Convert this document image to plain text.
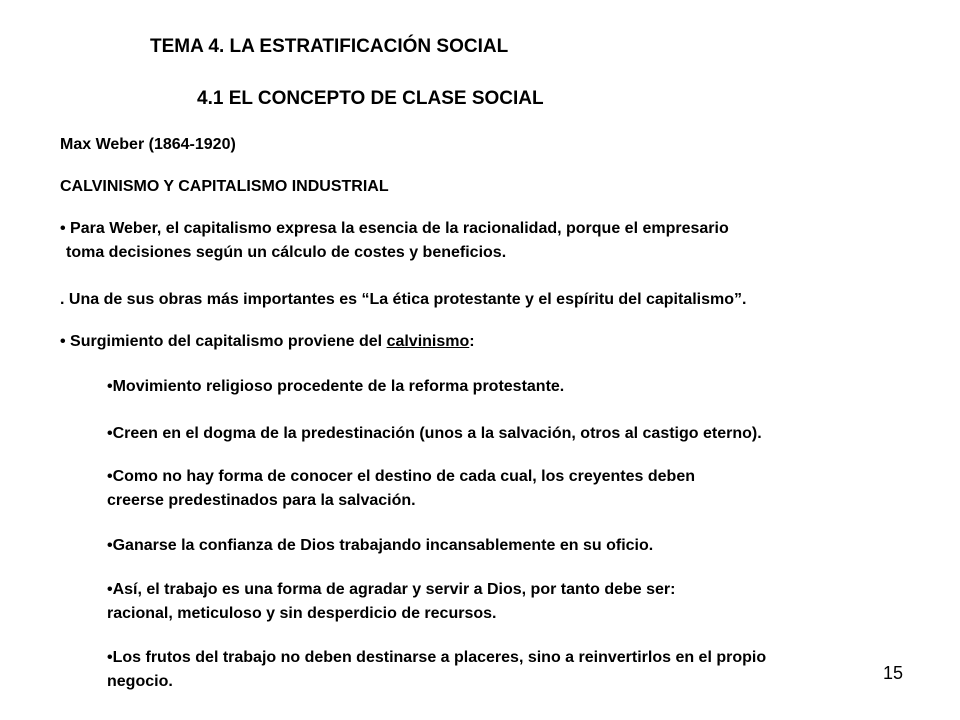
TEMA 4. LA ESTRATIFICACIÓN SOCIAL
4.1 EL CONCEPTO DE CLASE SOCIAL
Max Weber (1864-1920)
CALVINISMO Y CAPITALISMO INDUSTRIAL
• Para Weber, el capitalismo expresa la esencia de la racionalidad, porque el empresario
toma decisiones según un cálculo de costes y beneficios.
. Una de sus obras más importantes es “La ética protestante y el espíritu del capitalismo”.
• Surgimiento del capitalismo proviene del calvinismo:
•Movimiento religioso procedente de la reforma protestante.
•Creen en el dogma de la predestinación (unos a la salvación, otros al castigo eterno).
•Como no hay forma de conocer el destino de cada cual, los creyentes deben
creerse predestinados para la salvación.
•Ganarse la confianza de Dios trabajando incansablemente en su oficio.
•Así, el trabajo es una forma de agradar y servir a Dios, por tanto debe ser:
racional, meticuloso y sin desperdicio de recursos.
•Los frutos del trabajo no deben destinarse a placeres, sino a reinvertirlos en el propio
negocio.	15
